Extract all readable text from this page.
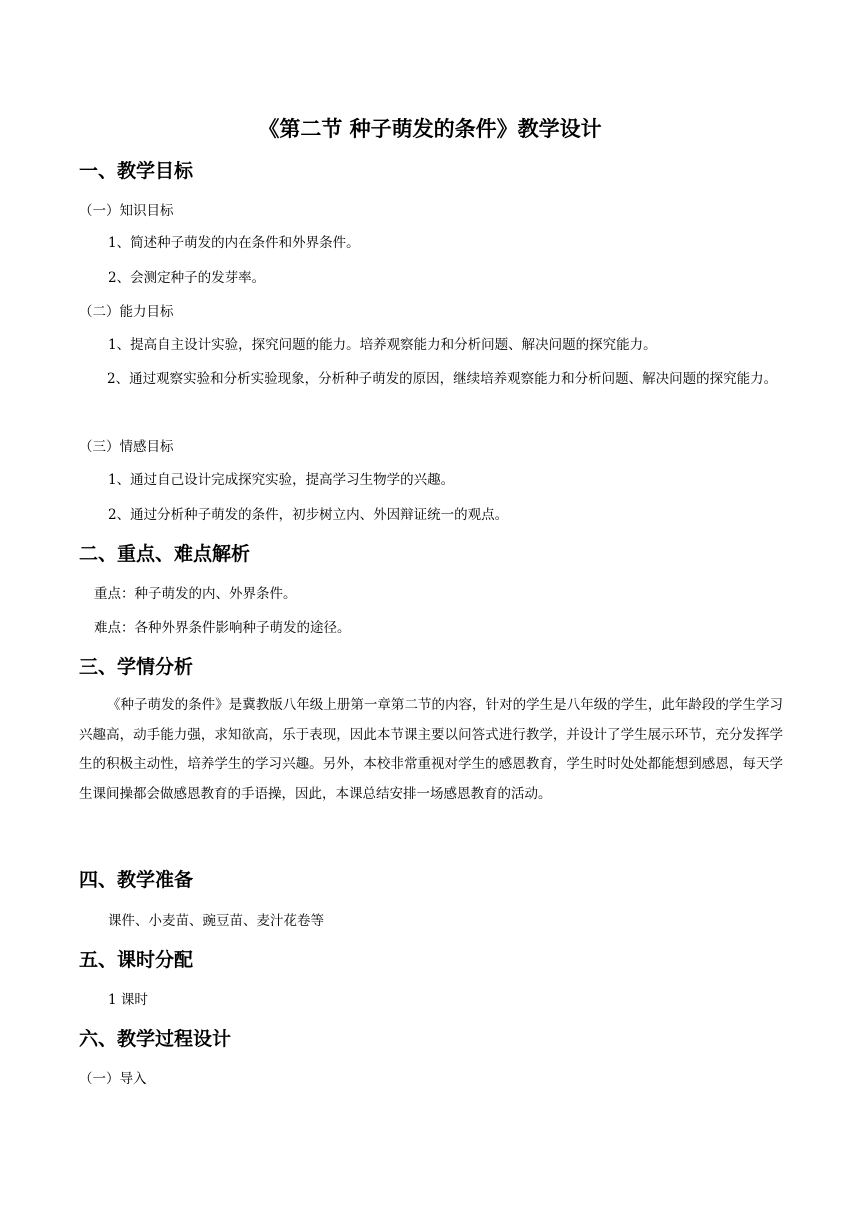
《第二节 种子萌发的条件》教学设计
一、教学目标
（一）知识目标
1、简述种子萌发的内在条件和外界条件。
2、会测定种子的发芽率。
（二）能力目标
1、提高自主设计实验，探究问题的能力。培养观察能力和分析问题、解决问题的探究能力。
2、通过观察实验和分析实验现象，分析种子萌发的原因，继续培养观察能力和分析问题、解决问题的探究能力。
（三）情感目标
1、通过自己设计完成探究实验，提高学习生物学的兴趣。
2、通过分析种子萌发的条件，初步树立内、外因辩证统一的观点。
二、重点、难点解析
重点：种子萌发的内、外界条件。
难点：各种外界条件影响种子萌发的途径。
三、学情分析
《种子萌发的条件》是冀教版八年级上册第一章第二节的内容，针对的学生是八年级的学生，此年龄段的学生学习兴趣高，动手能力强，求知欲高，乐于表现，因此本节课主要以问答式进行教学，并设计了学生展示环节，充分发挥学生的积极主动性，培养学生的学习兴趣。另外，本校非常重视对学生的感恩教育，学生时时处处都能想到感恩，每天学生课间操都会做感恩教育的手语操，因此，本课总结安排一场感恩教育的活动。
四、教学准备
课件、小麦苗、豌豆苗、麦汁花卷等
五、课时分配
1 课时
六、教学过程设计
（一）导入
